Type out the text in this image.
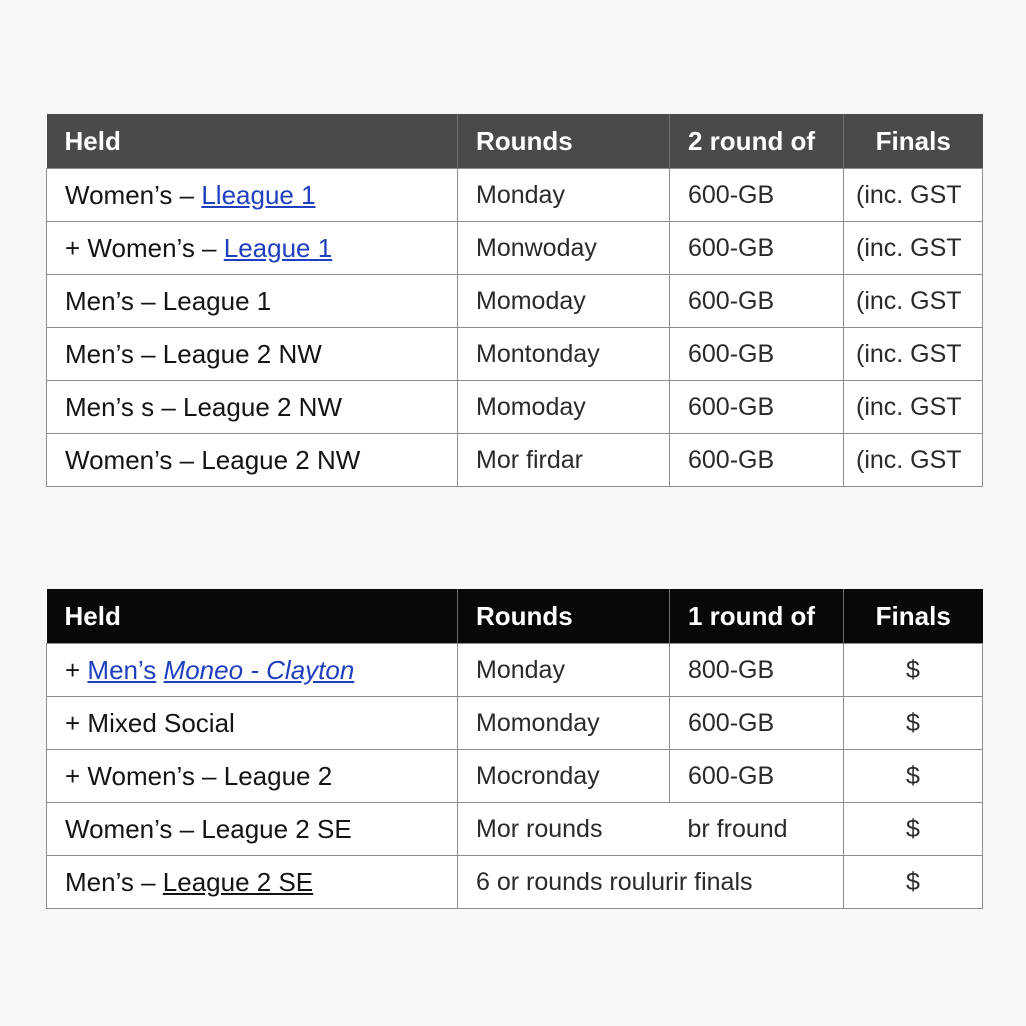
Held	Rounds	2 round of	Finals
Women’s – Lleague 1	Monday	600-GB	(inc. GST
+ Women’s – League 1	Monwoday	600-GB	(inc. GST
Men’s – League 1	Momoday	600-GB	(inc. GST
Men’s – League 2 NW	Montonday	600-GB	(inc. GST
Men’s s – League 2 NW	Momoday	600-GB	(inc. GST
Women’s – League 2 NW	Mor firdar	600-GB	(inc. GST
Held	Rounds	1 round of	Finals
+ Men’s Moneo - Clayton	Monday	800-GB	$
+ Mixed Social	Momonday	600-GB	$
+ Women’s – League 2	Mocronday	600-GB	$
Women’s – League 2 SE	Mor rounds	br fround	$
Men’s – League 2 SE	6 or rounds roulurir finals		$
